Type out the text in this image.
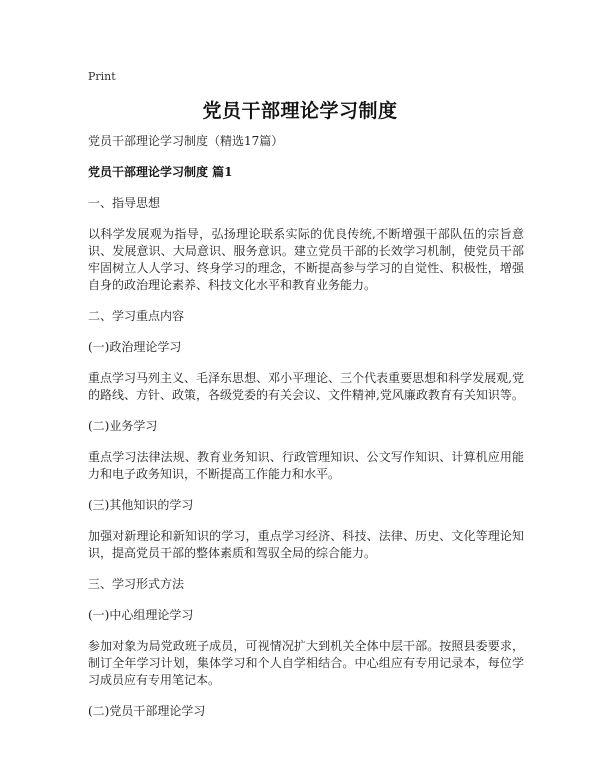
Print
党员干部理论学习制度

党员干部理论学习制度（精选17篇）

党员干部理论学习制度 篇1

一、指导思想

以科学发展观为指导，弘扬理论联系实际的优良传统,不断增强干部队伍的宗旨意识、发展意识、大局意识、服务意识。建立党员干部的长效学习机制，使党员干部牢固树立人人学习、终身学习的理念，不断提高参与学习的自觉性、积极性，增强自身的政治理论素养、科技文化水平和教育业务能力。

二、学习重点内容

(一)政治理论学习

重点学习马列主义、毛泽东思想、邓小平理论、三个代表重要思想和科学发展观,党的路线、方针、政策，各级党委的有关会议、文件精神,党风廉政教育有关知识等。

(二)业务学习

重点学习法律法规、教育业务知识、行政管理知识、公文写作知识、计算机应用能力和电子政务知识，不断提高工作能力和水平。

(三)其他知识的学习

加强对新理论和新知识的学习，重点学习经济、科技、法律、历史、文化等理论知识，提高党员干部的整体素质和驾驭全局的综合能力。

三、学习形式方法

(一)中心组理论学习

参加对象为局党政班子成员，可视情况扩大到机关全体中层干部。按照县委要求，制订全年学习计划，集体学习和个人自学相结合。中心组应有专用记录本，每位学习成员应有专用笔记本。

(二)党员干部理论学习
